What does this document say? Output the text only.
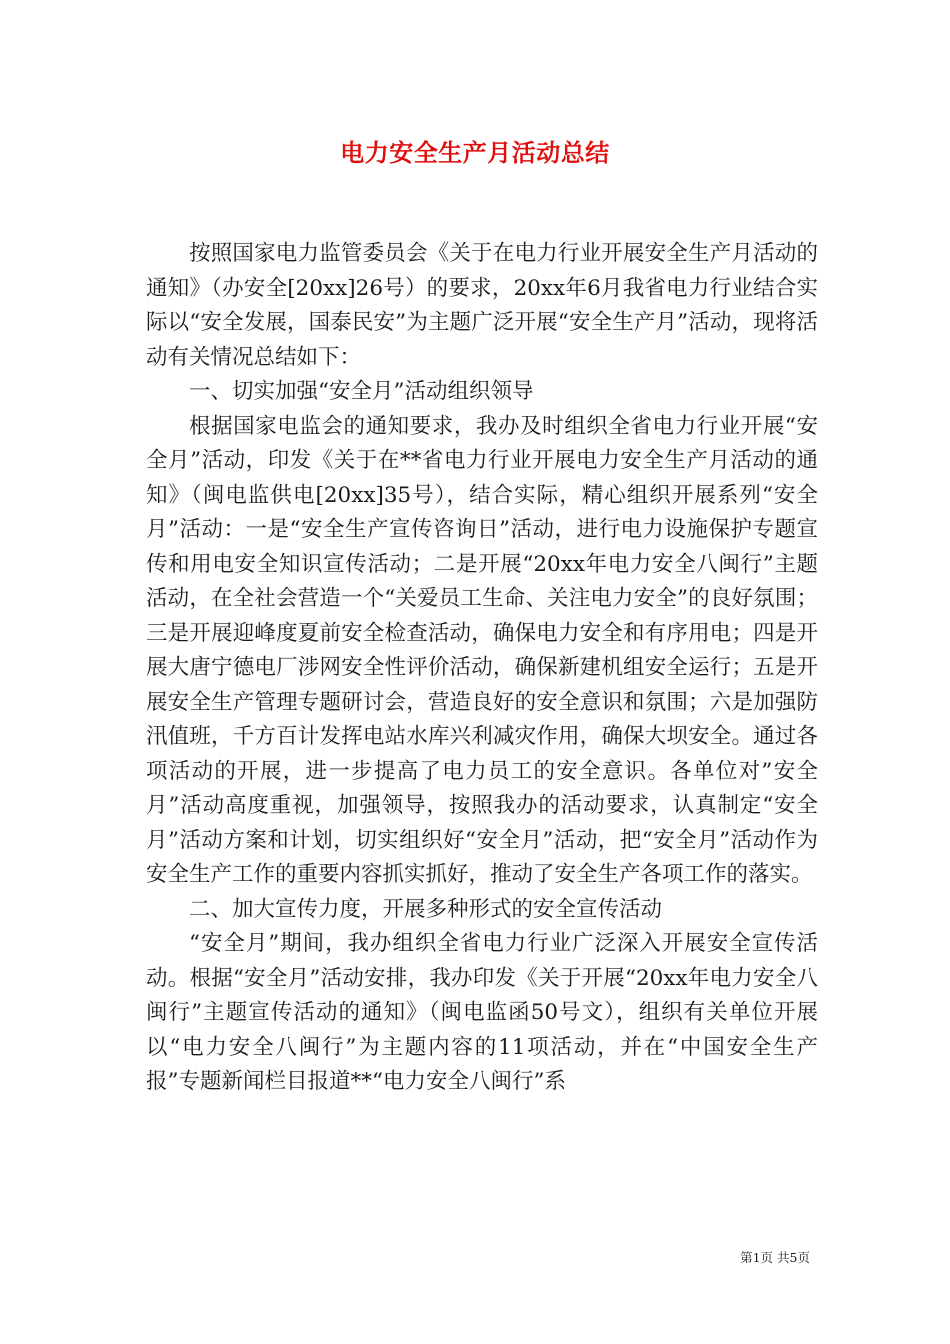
电力安全生产月活动总结

按照国家电力监管委员会《关于在电力行业开展安全生产月活动的通知》（办安全[20xx]26号）的要求，20xx年6月我省电力行业结合实际以“安全发展，国泰民安”为主题广泛开展“安全生产月”活动，现将活动有关情况总结如下：

一、切实加强“安全月”活动组织领导

根据国家电监会的通知要求，我办及时组织全省电力行业开展“安全月”活动，印发《关于在**省电力行业开展电力安全生产月活动的通知》（闽电监供电[20xx]35号），结合实际，精心组织开展系列“安全月”活动：一是“安全生产宣传咨询日”活动，进行电力设施保护专题宣传和用电安全知识宣传活动；二是开展“20xx年电力安全八闽行”主题活动，在全社会营造一个“关爱员工生命、关注电力安全”的良好氛围；三是开展迎峰度夏前安全检查活动，确保电力安全和有序用电；四是开展大唐宁德电厂涉网安全性评价活动，确保新建机组安全运行；五是开展安全生产管理专题研讨会，营造良好的安全意识和氛围；六是加强防汛值班，千方百计发挥电站水库兴利减灾作用，确保大坝安全。通过各项活动的开展，进一步提高了电力员工的安全意识。各单位对”安全月”活动高度重视，加强领导，按照我办的活动要求，认真制定“安全月”活动方案和计划，切实组织好“安全月”活动，把“安全月”活动作为安全生产工作的重要内容抓实抓好，推动了安全生产各项工作的落实。

二、加大宣传力度，开展多种形式的安全宣传活动

“安全月”期间，我办组织全省电力行业广泛深入开展安全宣传活动。根据“安全月”活动安排，我办印发《关于开展“20xx年电力安全八闽行”主题宣传活动的通知》（闽电监函50号文），组织有关单位开展以“电力安全八闽行”为主题内容的11项活动，并在“中国安全生产报”专题新闻栏目报道**“电力安全八闽行”系

第1页 共5页
